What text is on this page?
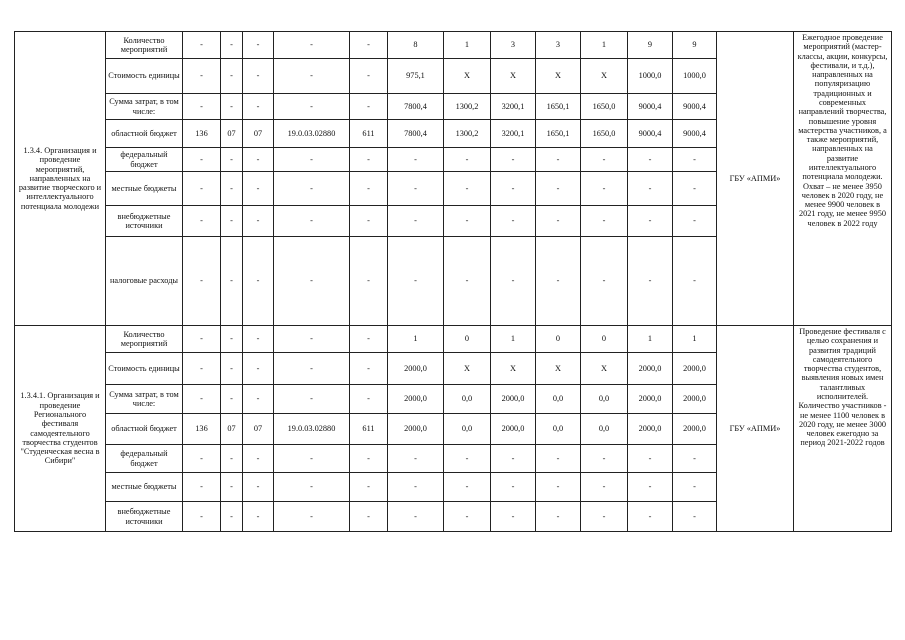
1.3.4. Организация и проведение мероприятий, направленных на развитие творческого и интеллектуального потенциала молодежи	Количество мероприятий	-	-	-	-	-	8	1	3	3	1	9	9	ГБУ «АПМИ»	Ежегодное проведение мероприятий (мастер-классы, акции, конкурсы, фестивали, и т.д.), направленных на популяризацию традиционных и современных направлений творчества, повышение уровня мастерства участников, а также мероприятий, направленных на развитие интеллектуального потенциала молодежи. Охват – не менее 3950 человек в 2020 году, не менее 9900 человек в 2021 году, не менее 9950 человек в 2022 году
	Стоимость единицы	-	-	-	-	-	975,1	Х	Х	Х	Х	1000,0	1000,0		
	Сумма затрат, в том числе:	-	-	-	-	-	7800,4	1300,2	3200,1	1650,1	1650,0	9000,4	9000,4		
	областной бюджет	136	07	07	19.0.03.02880	611	7800,4	1300,2	3200,1	1650,1	1650,0	9000,4	9000,4		
	федеральный бюджет	-	-	-	-	-	-	-	-	-	-	-	-		
	местные бюджеты	-	-	-	-	-	-	-	-	-	-	-	-		
	внебюджетные источники	-	-	-	-	-	-	-	-	-	-	-	-		
	налоговые расходы	-	-	-	-	-	-	-	-	-	-	-	-		
1.3.4.1. Организация и проведение Регионального фестиваля самодеятельного творчества студентов "Студенческая весна в Сибири"	Количество мероприятий	-	-	-	-	-	1	0	1	0	0	1	1	ГБУ «АПМИ»	Проведение фестиваля с целью сохранения и развития традиций самодеятельного творчества студентов, выявления новых имен талантливых исполнителей. Количество участников - не менее 1100 человек в 2020 году, не менее 3000 человек ежегодно за период 2021-2022 годов
	Стоимость единицы	-	-	-	-	-	2000,0	Х	Х	Х	Х	2000,0	2000,0		
	Сумма затрат, в том числе:	-	-	-	-	-	2000,0	0,0	2000,0	0,0	0,0	2000,0	2000,0		
	областной бюджет	136	07	07	19.0.03.02880	611	2000,0	0,0	2000,0	0,0	0,0	2000,0	2000,0		
	федеральный бюджет	-	-	-	-	-	-	-	-	-	-	-	-		
	местные бюджеты	-	-	-	-	-	-	-	-	-	-	-	-		
	внебюджетные источники	-	-	-	-	-	-	-	-	-	-	-	-		
